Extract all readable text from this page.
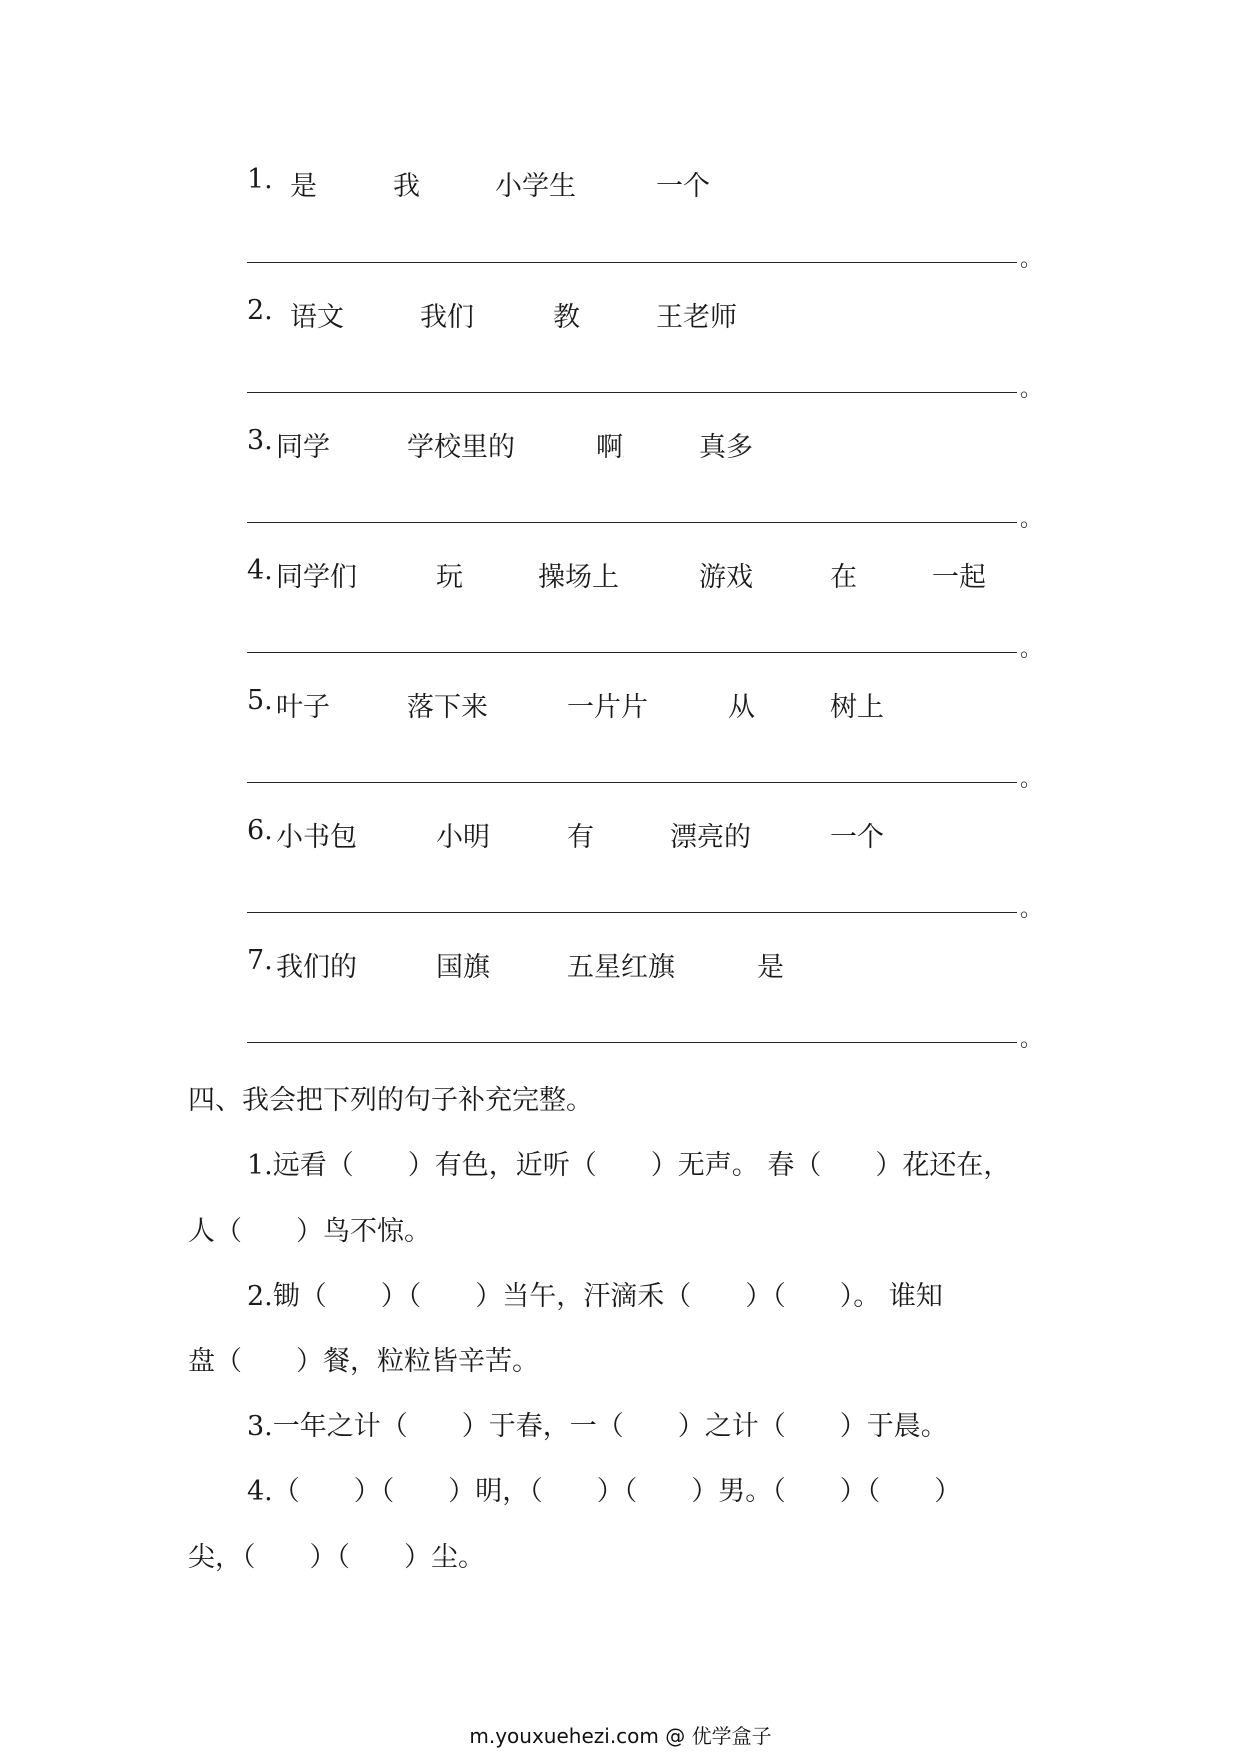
1. 是	我	小学生	一个
。
2. 语文	我们	教	王老师
。
3. 同学	学校里的	啊	真多
。
4. 同学们	玩	操场上	游戏	在	一起
。
5. 叶子	落下来	一片片	从	树上
。
6. 小书包	小明	有	漂亮的	一个
。
7. 我们的	国旗	五星红旗	是
。
四、我会把下列的句子补充完整。
1.远看（　　）有色，近听（　　）无声。 春（　　）花还在，
人（　　）鸟不惊。
2.锄（　　）（　　）当午，汗滴禾（　　）（　　）。 谁知
盘（　　）餐，粒粒皆辛苦。
3.一年之计（　　）于春，一（　　）之计（　　）于晨。
4.（　　）（　　）明，（　　）（　　）男。（　　）（　　）
尖，（　　）（　　）尘。
m.youxuehezi.com @ 优学盒子
